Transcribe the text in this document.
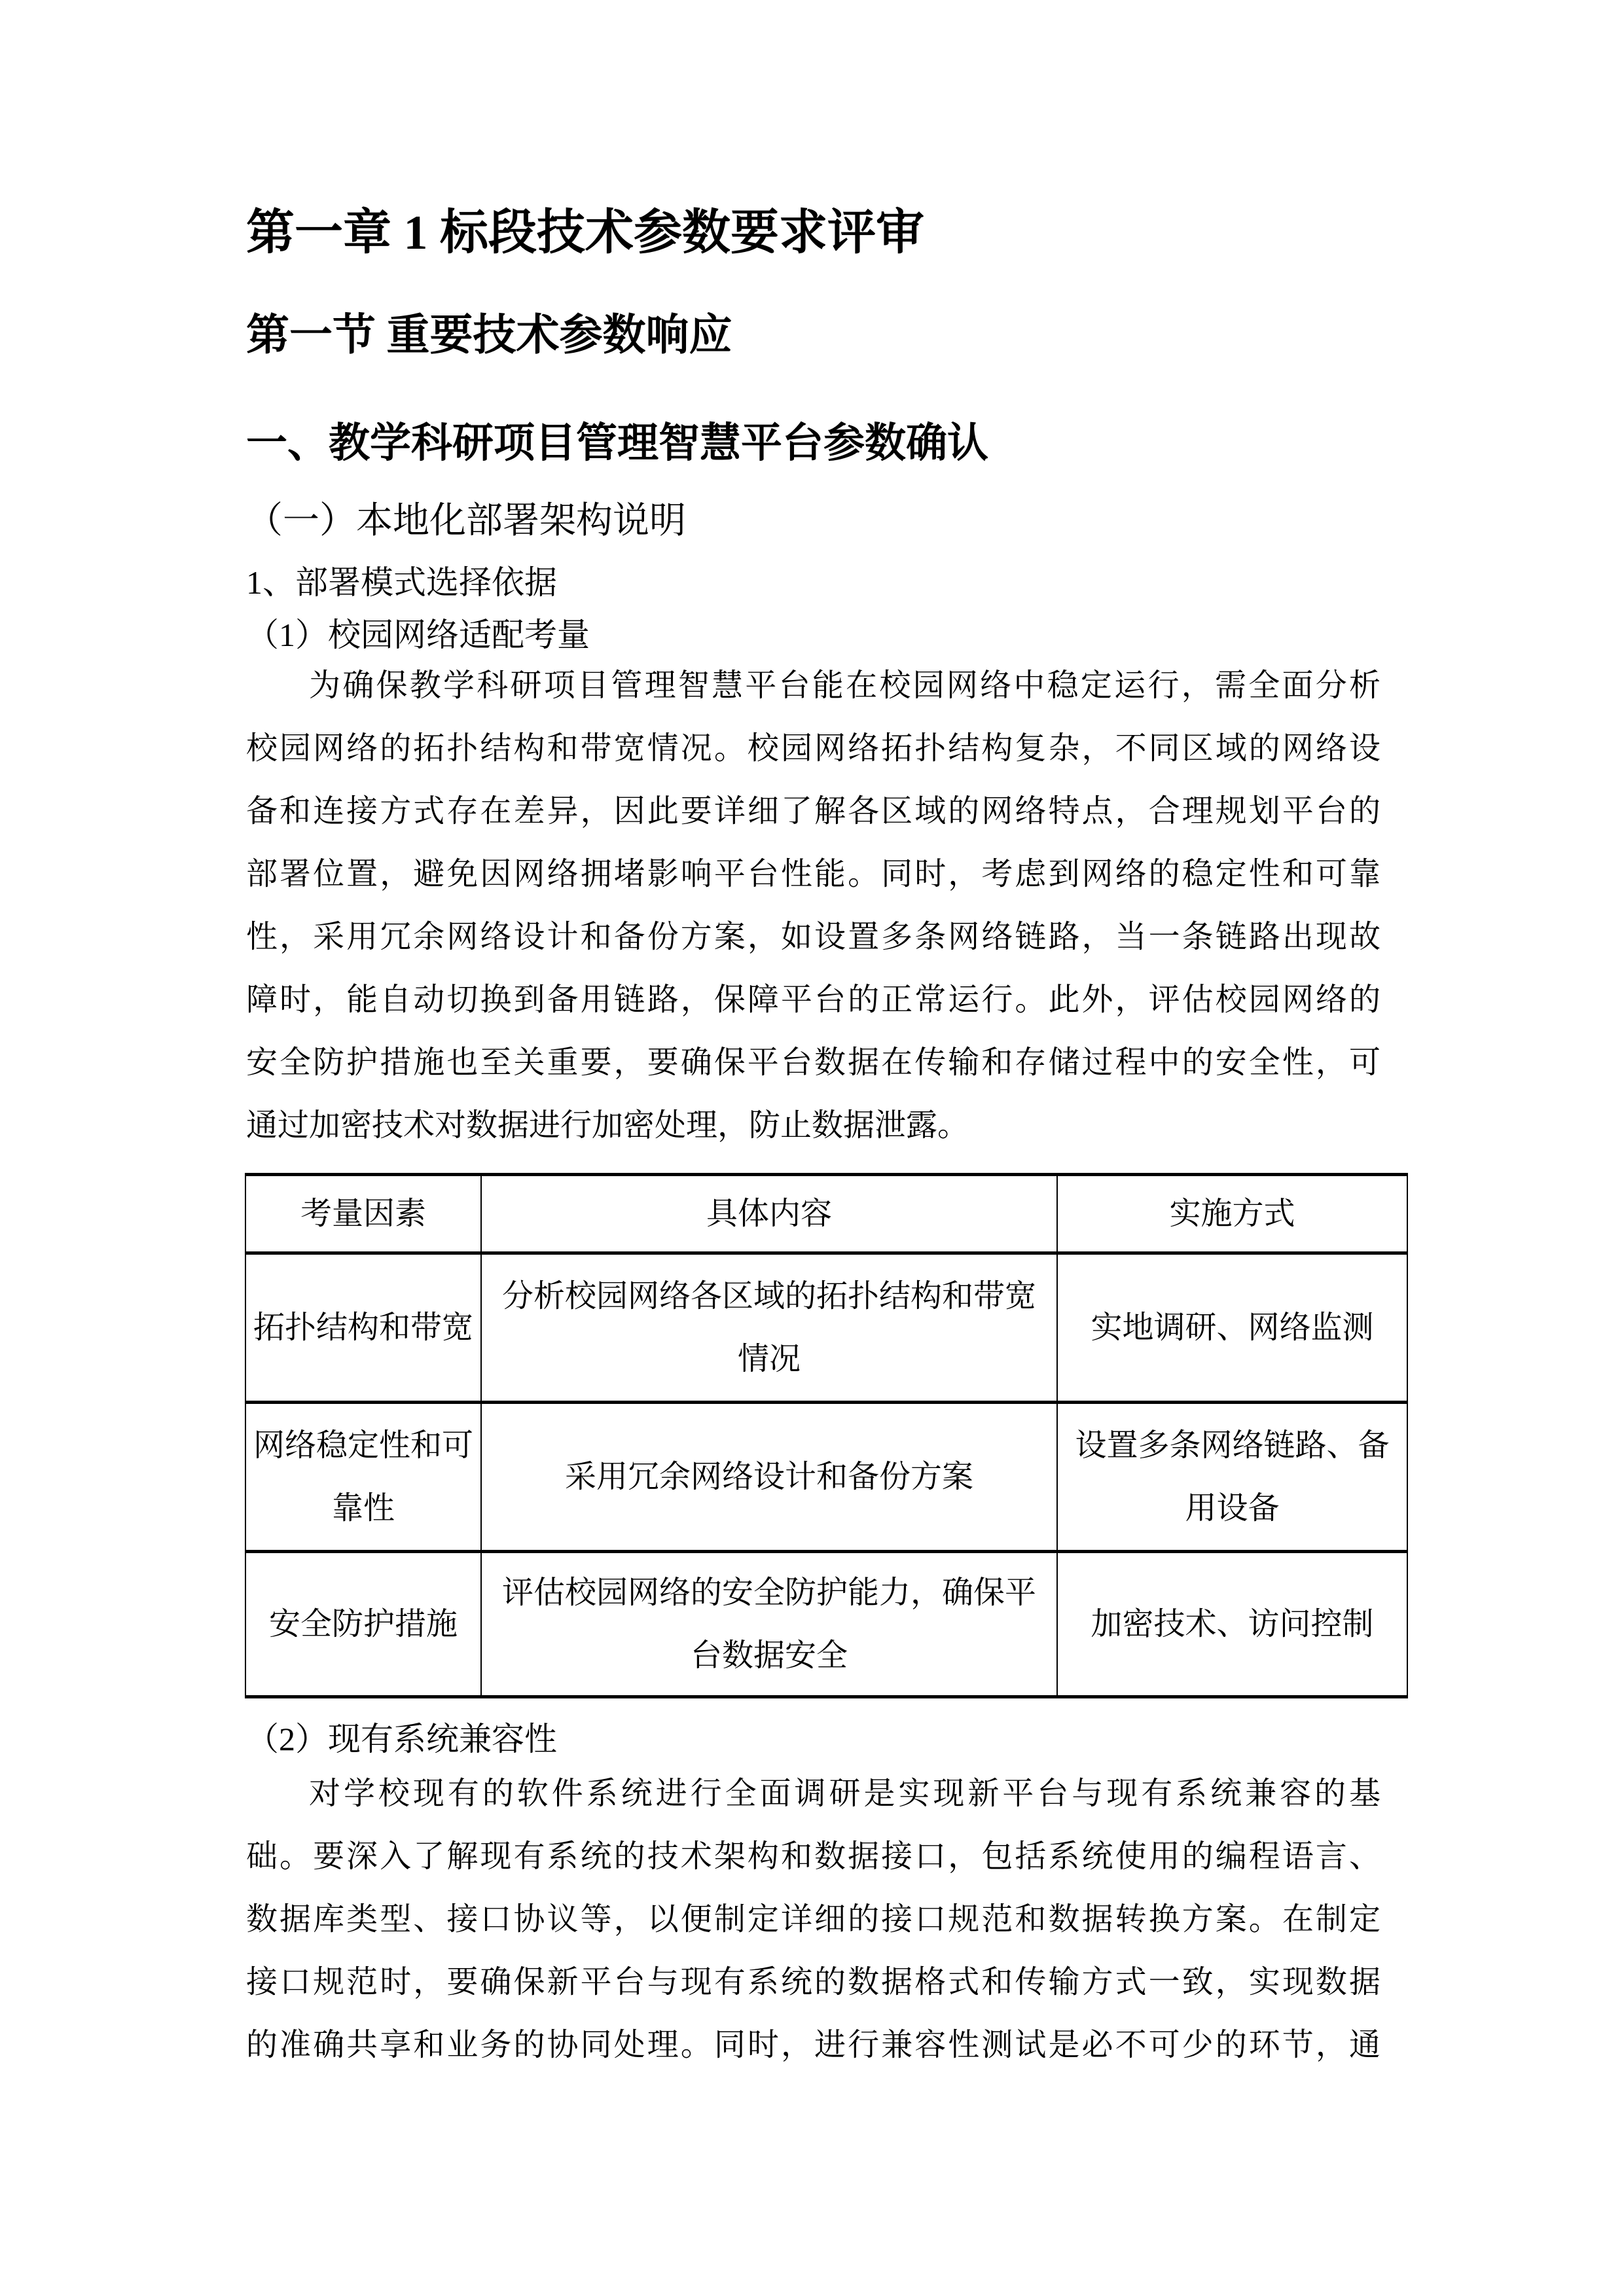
第一章 1 标段技术参数要求评审
第一节 重要技术参数响应
一、教学科研项目管理智慧平台参数确认
（一）本地化部署架构说明
1、部署模式选择依据
（1）校园网络适配考量
为确保教学科研项目管理智慧平台能在校园网络中稳定运行，需全面分析
校园网络的拓扑结构和带宽情况。校园网络拓扑结构复杂，不同区域的网络设
备和连接方式存在差异，因此要详细了解各区域的网络特点，合理规划平台的
部署位置，避免因网络拥堵影响平台性能。同时，考虑到网络的稳定性和可靠
性，采用冗余网络设计和备份方案，如设置多条网络链路，当一条链路出现故
障时，能自动切换到备用链路，保障平台的正常运行。此外，评估校园网络的
安全防护措施也至关重要，要确保平台数据在传输和存储过程中的安全性，可
通过加密技术对数据进行加密处理，防止数据泄露。
考量因素	具体内容	实施方式
拓扑结构和带宽	分析校园网络各区域的拓扑结构和带宽情况	实地调研、网络监测
网络稳定性和可靠性	采用冗余网络设计和备份方案	设置多条网络链路、备用设备
安全防护措施	评估校园网络的安全防护能力，确保平台数据安全	加密技术、访问控制
（2）现有系统兼容性
对学校现有的软件系统进行全面调研是实现新平台与现有系统兼容的基
础。要深入了解现有系统的技术架构和数据接口，包括系统使用的编程语言、
数据库类型、接口协议等，以便制定详细的接口规范和数据转换方案。在制定
接口规范时，要确保新平台与现有系统的数据格式和传输方式一致，实现数据
的准确共享和业务的协同处理。同时，进行兼容性测试是必不可少的环节，通
